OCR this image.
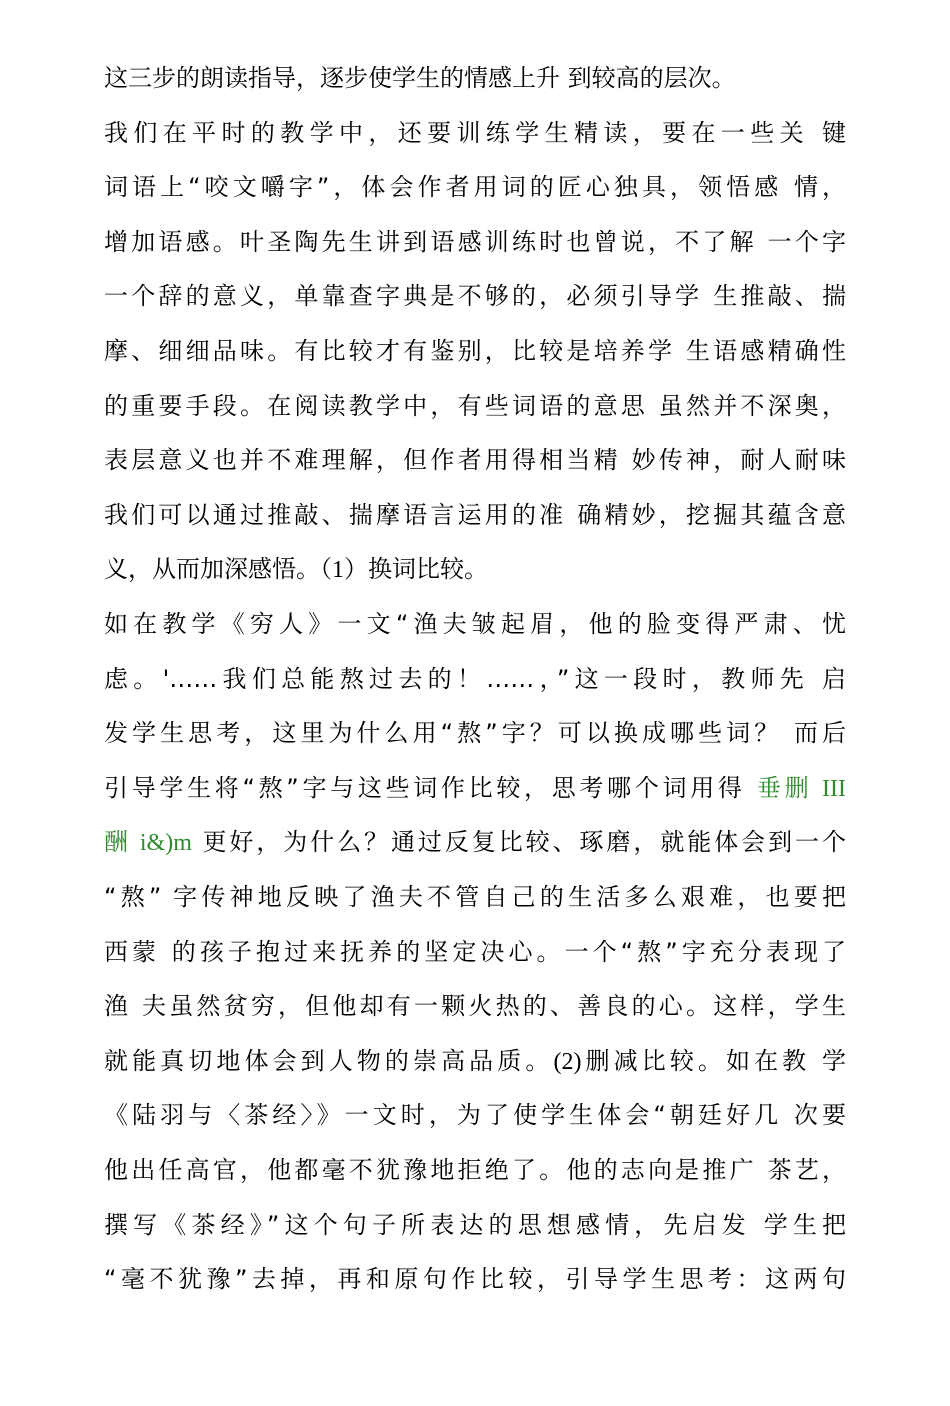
这三步的朗读指导，逐步使学生的情感上升 到较高的层次。
我们在平时的教学中，还要训练学生精读，要在一些关 键
词语上“咬文嚼字”，体会作者用词的匠心独具，领悟感 情，
增加语感。叶圣陶先生讲到语感训练时也曾说，不了解 一个字
一个辞的意义，单靠查字典是不够的，必须引导学 生推敲、揣
摩、细细品味。有比较才有鉴别，比较是培养学 生语感精确性
的重要手段。在阅读教学中，有些词语的意思 虽然并不深奥，
表层意义也并不难理解，但作者用得相当精 妙传神，耐人耐味
我们可以通过推敲、揣摩语言运用的准 确精妙，挖掘其蕴含意
义，从而加深感悟。（1）换词比较。
如在教学《穷人》一文“渔夫皱起眉，他的脸变得严肃、忧
虑。'……我们总能熬过去的！……，”这一段时，教师先 启
发学生思考，这里为什么用“熬”字？可以换成哪些词？ 而后
引导学生将“熬”字与这些词作比较，思考哪个词用得 垂删 III
酬 i&)m 更好，为什么？通过反复比较、琢磨，就能体会到一个
“熬” 字传神地反映了渔夫不管自己的生活多么艰难，也要把
西蒙 的孩子抱过来抚养的坚定决心。一个“熬”字充分表现了
渔 夫虽然贫穷，但他却有一颗火热的、善良的心。这样，学生
就能真切地体会到人物的崇高品质。(2)删减比较。如在教 学
《陆羽与〈茶经〉》一文时，为了使学生体会“朝廷好几 次要
他出任高官，他都毫不犹豫地拒绝了。他的志向是推广 茶艺，
撰写《茶经》”这个句子所表达的思想感情，先启发 学生把
“毫不犹豫”去掉，再和原句作比较，引导学生思考：这两句
